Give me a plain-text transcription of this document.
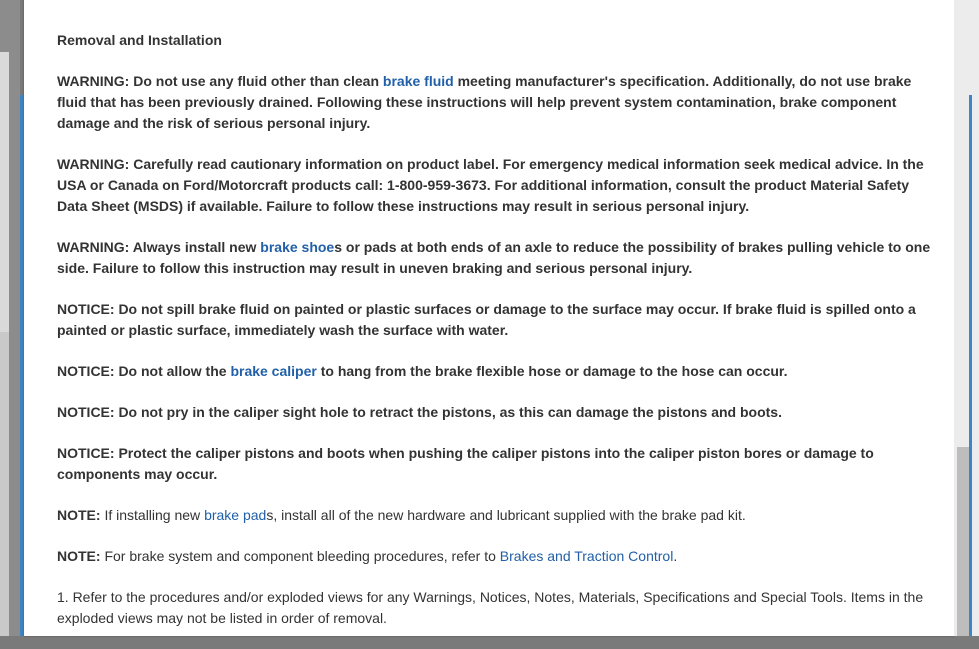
Removal and Installation

WARNING: Do not use any fluid other than clean brake fluid meeting manufacturer's specification. Additionally, do not use brake fluid that has been previously drained. Following these instructions will help prevent system contamination, brake component damage and the risk of serious personal injury.

WARNING: Carefully read cautionary information on product label. For emergency medical information seek medical advice. In the USA or Canada on Ford/Motorcraft products call: 1-800-959-3673. For additional information, consult the product Material Safety Data Sheet (MSDS) if available. Failure to follow these instructions may result in serious personal injury.

WARNING: Always install new brake shoes or pads at both ends of an axle to reduce the possibility of brakes pulling vehicle to one side. Failure to follow this instruction may result in uneven braking and serious personal injury.

NOTICE: Do not spill brake fluid on painted or plastic surfaces or damage to the surface may occur. If brake fluid is spilled onto a painted or plastic surface, immediately wash the surface with water.

NOTICE: Do not allow the brake caliper to hang from the brake flexible hose or damage to the hose can occur.

NOTICE: Do not pry in the caliper sight hole to retract the pistons, as this can damage the pistons and boots.

NOTICE: Protect the caliper pistons and boots when pushing the caliper pistons into the caliper piston bores or damage to components may occur.

NOTE: If installing new brake pads, install all of the new hardware and lubricant supplied with the brake pad kit.

NOTE: For brake system and component bleeding procedures, refer to Brakes and Traction Control.

1. Refer to the procedures and/or exploded views for any Warnings, Notices, Notes, Materials, Specifications and Special Tools. Items in the exploded views may not be listed in order of removal.
